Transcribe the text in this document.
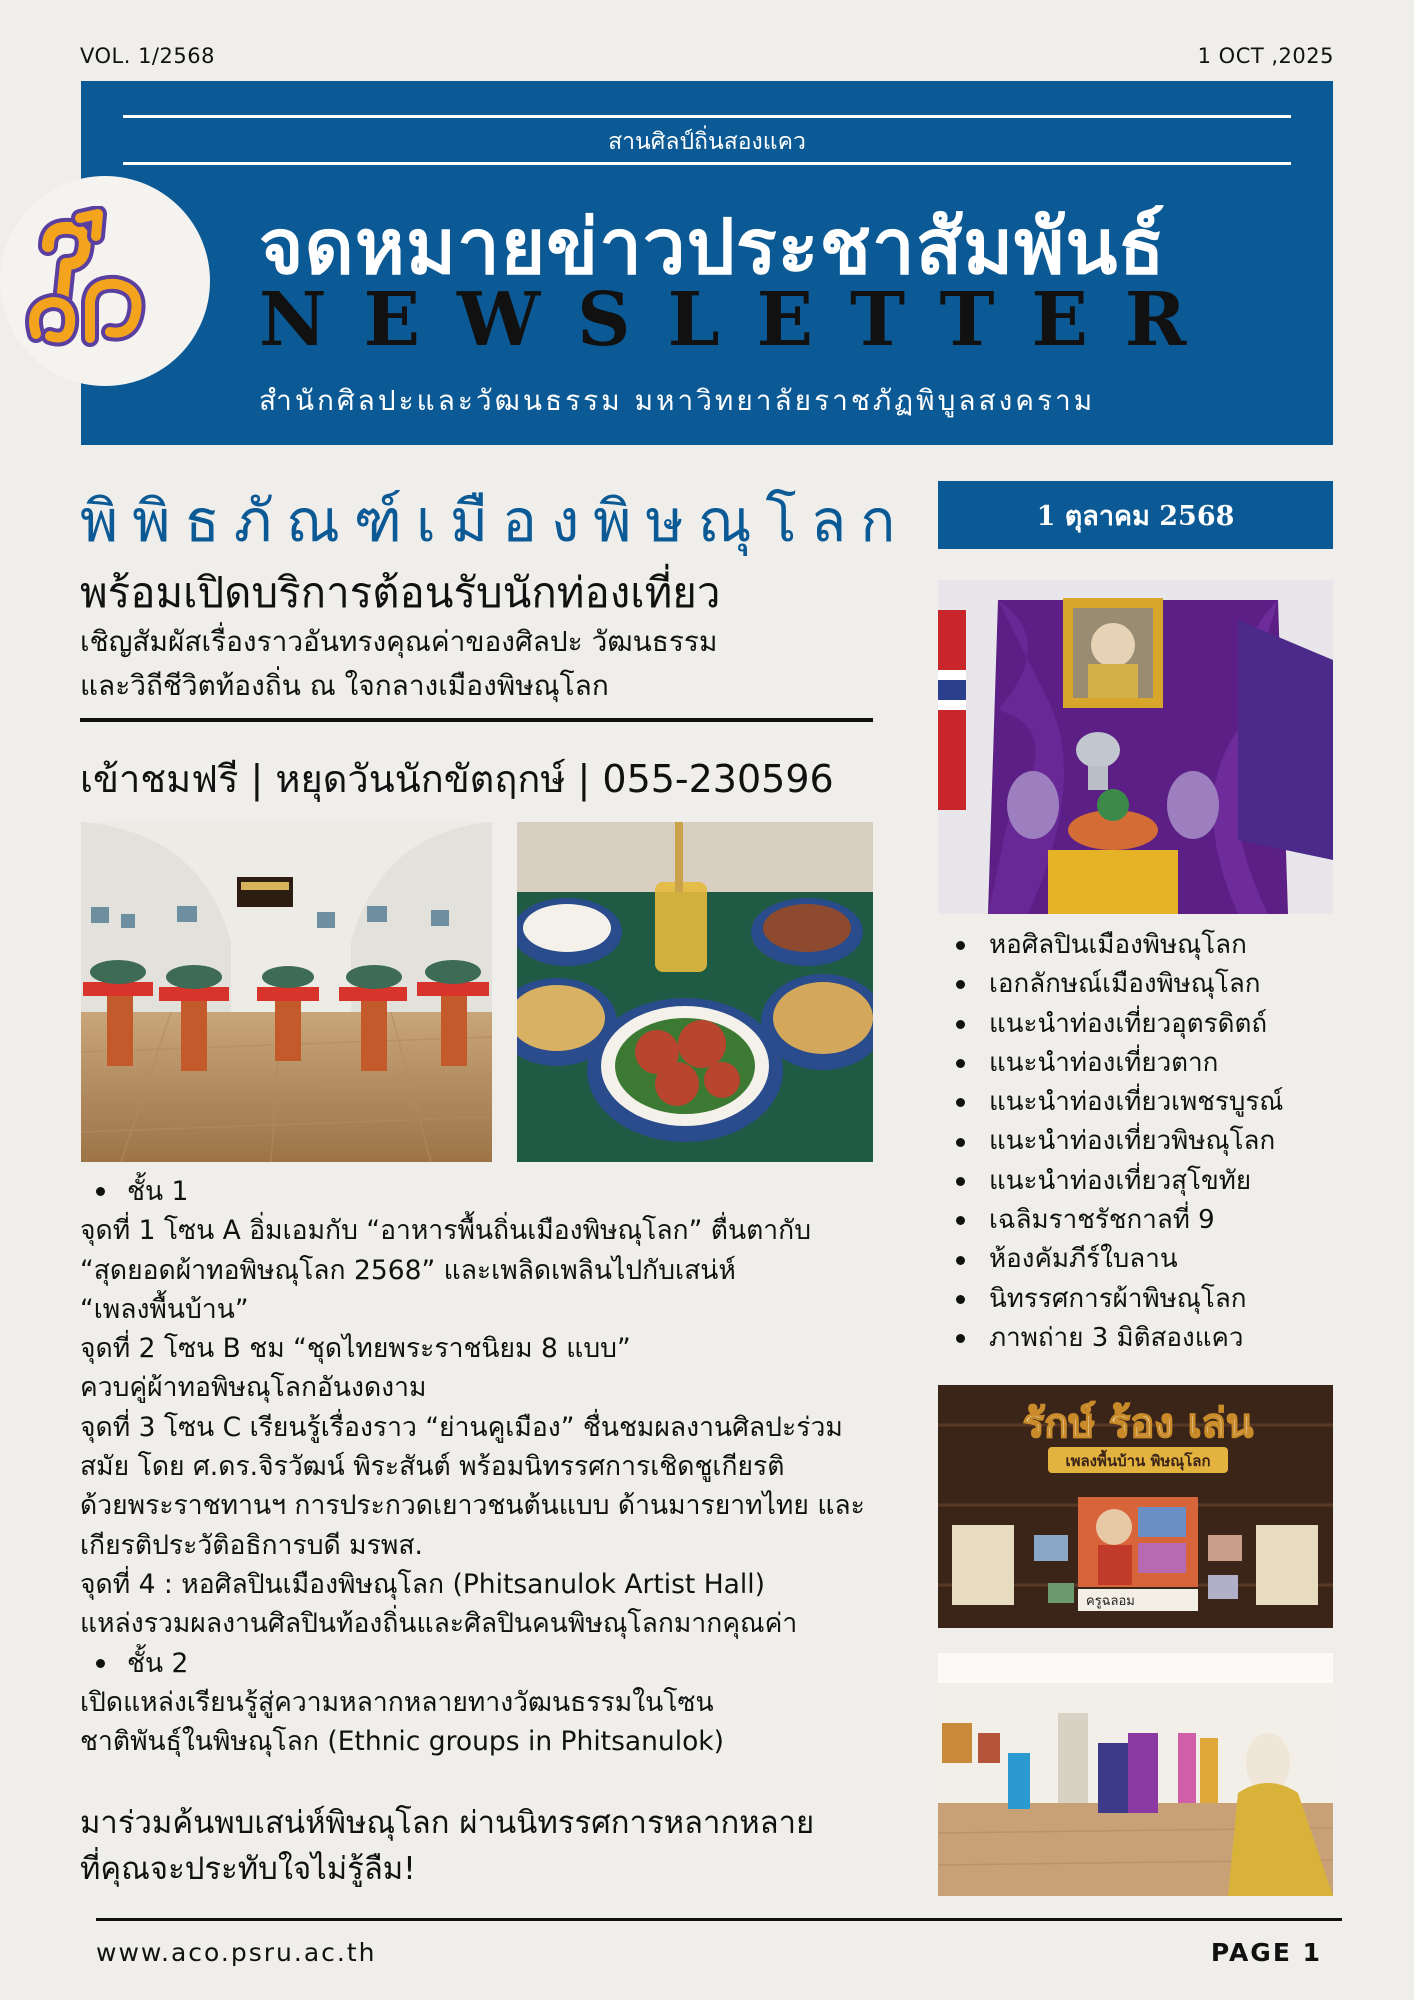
VOL. 1/2568	1 OCT ,2025
สานศิลป์ถิ่นสองแคว
จดหมายข่าวประชาสัมพันธ์
NEWSLETTER
สำนักศิลปะและวัฒนธรรม มหาวิทยาลัยราชภัฏพิบูลสงคราม
พิพิธภัณฑ์เมืองพิษณุโลก
พร้อมเปิดบริการต้อนรับนักท่องเที่ยว
เชิญสัมผัสเรื่องราวอันทรงคุณค่าของศิลปะ วัฒนธรรม
และวิถีชีวิตท้องถิ่น ณ ใจกลางเมืองพิษณุโลก
เข้าชมฟรี | หยุดวันนักขัตฤกษ์ | 055-230596

ชั้น 1

จุดที่ 1 โซน A อิ่มเอมกับ “อาหารพื้นถิ่นเมืองพิษณุโลก” ตื่นตากับ

“สุดยอดผ้าทอพิษณุโลก 2568” และเพลิดเพลินไปกับเสน่ห์

“เพลงพื้นบ้าน”

จุดที่ 2 โซน B ชม “ชุดไทยพระราชนิยม 8 แบบ”

ควบคู่ผ้าทอพิษณุโลกอันงดงาม

จุดที่ 3 โซน C เรียนรู้เรื่องราว “ย่านคูเมือง” ชื่นชมผลงานศิลปะร่วม

สมัย โดย ศ.ดร.จิรวัฒน์ พิระสันต์ พร้อมนิทรรศการเชิดชูเกียรติ

ด้วยพระราชทานฯ การประกวดเยาวชนต้นแบบ ด้านมารยาทไทย และ

เกียรติประวัติอธิการบดี มรพส.

จุดที่ 4 : หอศิลปินเมืองพิษณุโลก (Phitsanulok Artist Hall)

แหล่งรวมผลงานศิลปินท้องถิ่นและศิลปินคนพิษณุโลกมากคุณค่า

ชั้น 2

เปิดแหล่งเรียนรู้สู่ความหลากหลายทางวัฒนธรรมในโซน

ชาติพันธุ์ในพิษณุโลก (Ethnic groups in Phitsanulok)

มาร่วมค้นพบเสน่ห์พิษณุโลก ผ่านนิทรรศการหลากหลาย

ที่คุณจะประทับใจไม่รู้ลืม!

1 ตุลาคม 2568
หอศิลปินเมืองพิษณุโลก
เอกลักษณ์เมืองพิษณุโลก
แนะนำท่องเที่ยวอุตรดิตถ์
แนะนำท่องเที่ยวตาก
แนะนำท่องเที่ยวเพชรบูรณ์
แนะนำท่องเที่ยวพิษณุโลก
แนะนำท่องเที่ยวสุโขทัย
เฉลิมราชรัชกาลที่ 9
ห้องคัมภีร์ใบลาน
นิทรรศการผ้าพิษณุโลก
ภาพถ่าย 3 มิติสองแคว
รักษ์ ร้อง เล่น
เพลงพื้นบ้าน พิษณุโลก
ครูฉลอม
www.aco.psru.ac.th	PAGE 1
